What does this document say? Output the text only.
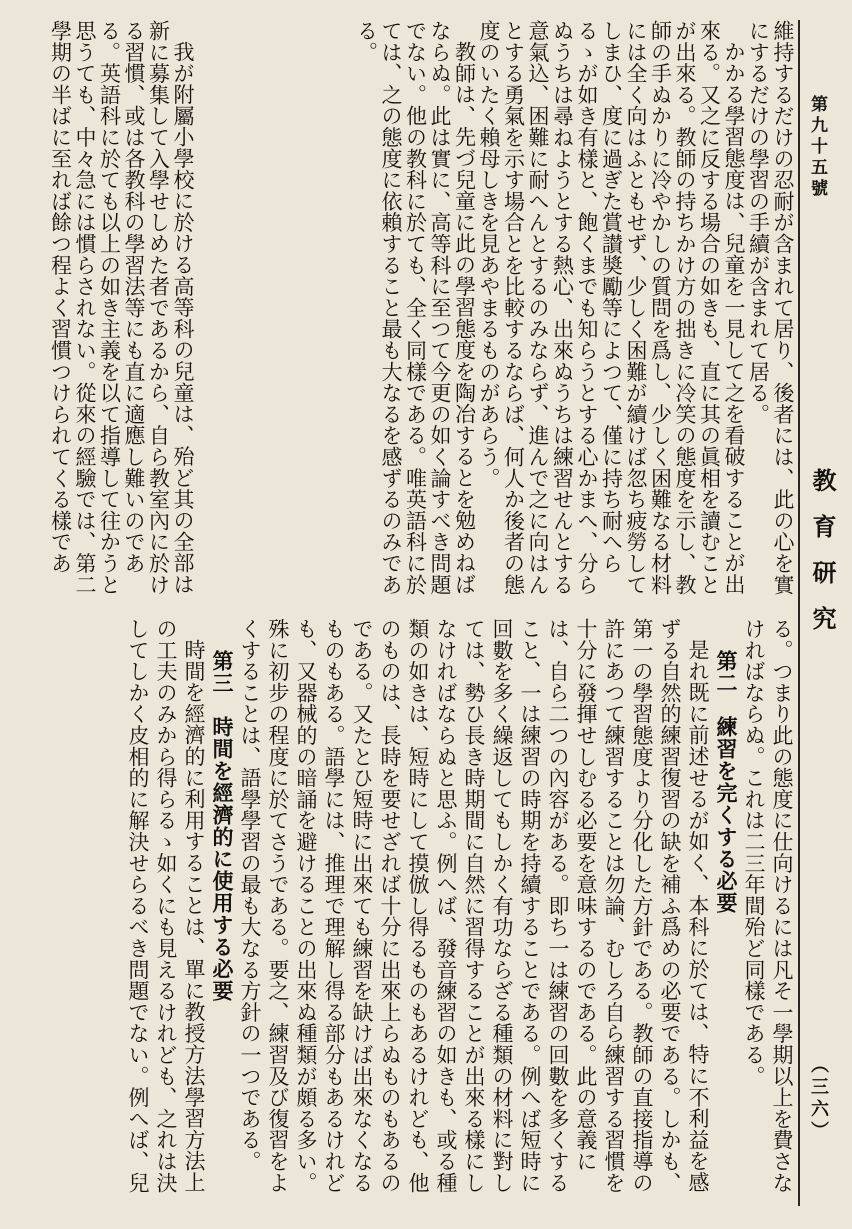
第九十五號
教育研究
（三六）

維持するだけの忍耐が含まれて居り、後者には、此の心を實にするだけの學習の手續が含まれて居る。

かかる學習態度は、兒童を一見して之を看破することが出來る。又之に反する場合の如きも、直に其の眞相を讀むことが出來る。教師の持ちかけ方の拙きに冷笑の態度を示し、教師の手ぬかりに冷やかしの質問を爲し、少しく困難なる材料には全く向はふともせず、少しく困難が續けば忽ち疲勞してしまひ、度に過ぎた賞讃奬勵等によつて、僅に持ち耐へらるゝが如き有樣と、飽くまでも知らうとする心かまへ、分らぬうちは尋ねようとする熱心、出來ぬうちは練習せんとする意氣込、困難に耐へんとするのみならず、進んで之に向はんとする勇氣を示す場合とを比較するならば、何人か後者の態度のいたく賴母しきを見あやまるものがあらう。

教師は、先づ兒童に此の學習態度を陶冶するとを勉めねばならぬ。此は實に、高等科に至つて今更の如く論すべき問題でない。他の教科に於ても、全く同樣である。唯英語科に於ては、之の態度に依賴すること最も大なるを感ずるのみである。

我が附屬小學校に於ける高等科の兒童は、殆ど其の全部は新に募集して入學せしめた者であるから、自ら教室內に於ける習慣、或は各教科の學習法等にも直に適應し難いのである。英語科に於ても以上の如き主義を以て指導して往かうと思うても、中々急には慣らされない。從來の經驗では、第二學期の半ばに至れば餘つ程よく習慣つけられてくる樣であ

る。つまり此の態度に仕向けるには凡そ一學期以上を費さなければならぬ。これは二三年間殆ど同樣である。

第二　練習を完くする必要

是れ既に前述せるが如く、本科に於ては、特に不利益を感ずる自然的練習復習の缺を補ふ爲めの必要である。しかも、第一の學習態度より分化した方針である。教師の直接指導の許にあつて練習することは勿論、むしろ自ら練習する習慣を十分に發揮せしむる必要を意味するのである。此の意義には、自ら二つの內容がある。即ち一は練習の回數を多くすること、一は練習の時期を持續することである。例へば短時に回數を多く繰返してもしかく有功ならざる種類の材料に對しては、勢ひ長き時期間に自然に習得することが出來る樣にしなければならぬと思ふ。例へば、發音練習の如きも、或る種類の如きは、短時にして摸倣し得るものもあるけれども、他のものは、長時を要せざれば十分に出來上らぬものもあるのである。又たとひ短時に出來ても練習を缺けば出來なくなるものもある。語學には、推理で理解し得る部分もあるけれども、又器械的の暗誦を避けることの出來ぬ種類が頗る多い。殊に初步の程度に於てさうである。要之、練習及び復習をよくすることは、語學學習の最も大なる方針の一つである。

第三　時間を經濟的に使用する必要

時間を經濟的に利用することは、單に教授方法學習方法上の工夫のみから得らるゝ如くにも見えるけれども、之れは決してしかく皮相的に解決せらるべき問題でない。例へば、兒
